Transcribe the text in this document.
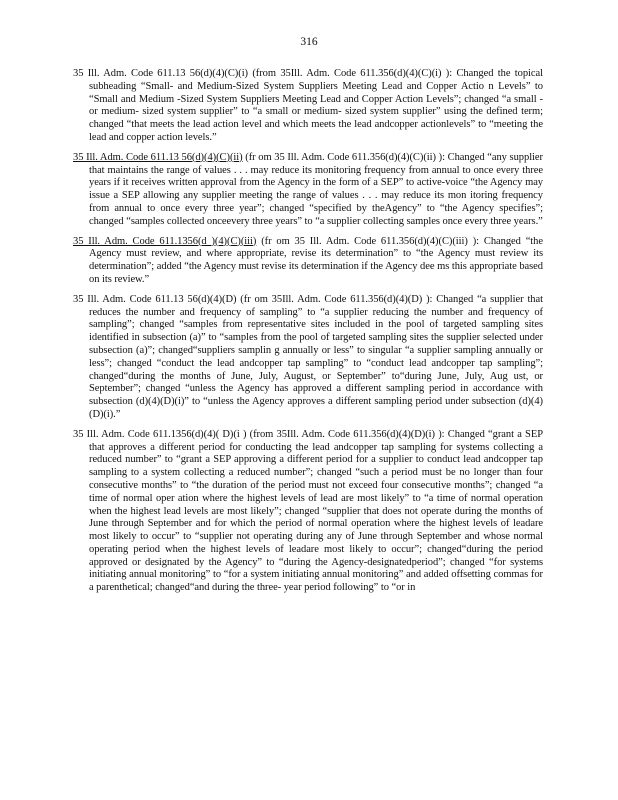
316

35 Ill. Adm. Code 611.13 56(d)(4)(C)(i) (from 35Ill. Adm. Code 611.356(d)(4)(C)(i) ): Changed the topical subheading “Small- and Medium-Sized System Suppliers Meeting Lead and Copper Actio n Levels” to “Small and Medium -Sized System Suppliers Meeting Lead and Copper Action Levels”; changed “a small - or medium- sized system supplier” to “a small or medium- sized system supplier” using the defined term; changed “that meets the lead action level and which meets the lead andcopper actionlevels” to “meeting the lead and copper action levels.”

35 Ill. Adm. Code 611.13 56(d)(4)(C)(ii) (fr om 35 Ill. Adm. Code 611.356(d)(4)(C)(ii) ): Changed “any supplier that maintains the range of values . . . may reduce its monitoring frequency from annual to once every three years if it receives written approval from the Agency in the form of a SEP” to active-voice “the Agency may issue a SEP allowing any supplier meeting the range of values . . . may reduce its mon itoring frequency from annual to once every three year”; changed “specified by theAgency” to “the Agency specifies”; changed “samples collected onceevery three years” to “a supplier collecting samples once every three years.”

35 Ill. Adm. Code 611.1356(d )(4)(C)(iii) (fr om 35 Ill. Adm. Code 611.356(d)(4)(C)(iii) ): Changed “the Agency must review, and where appropriate, revise its determination” to “the Agency must review its determination”; added “the Agency must revise its determination if the Agency dee ms this appropriate based on its review.”

35 Ill. Adm. Code 611.13 56(d)(4)(D) (fr om 35Ill. Adm. Code 611.356(d)(4)(D) ): Changed “a supplier that reduces the number and frequency of sampling” to “a supplier reducing the number and frequency of sampling”; changed “samples from representative sites included in the pool of targeted sampling sites identified in subsection (a)” to “samples from the pool of targeted sampling sites the supplier selected under subsection (a)”; changed“suppliers samplin g annually or less” to singular “a supplier sampling annually or less”; changed “conduct the lead andcopper tap sampling” to “conduct lead andcopper tap sampling”; changed“during the months of June, July, August, or September” to“during June, July, Aug ust, or September”; changed “unless the Agency has approved a different sampling period in accordance with subsection (d)(4)(D)(i)” to “unless the Agency approves a different sampling period under subsection (d)(4)(D)(i).”

35 Ill. Adm. Code 611.1356(d)(4)( D)(i ) (from 35Ill. Adm. Code 611.356(d)(4)(D)(i) ): Changed “grant a SEP that approves a different period for conducting the lead andcopper tap sampling for systems collecting a reduced number” to “grant a SEP approving a different period for a supplier to conduct lead andcopper tap sampling to a system collecting a reduced number”; changed “such a period must be no longer than four consecutive months” to “the duration of the period must not exceed four consecutive months”; changed “a time of normal oper ation where the highest levels of lead are most likely” to “a time of normal operation when the highest lead levels are most likely”; changed “supplier that does not operate during the months of June through September and for which the period of normal operation where the highest levels of leadare most likely to occur” to “supplier not operating during any of June through September and whose normal operating period when the highest levels of leadare most likely to occur”; changed“during the period approved or designated by the Agency” to “during the Agency-designatedperiod”; changed “for systems initiating annual monitoring” to “for a system initiating annual monitoring” and added offsetting commas for a parenthetical; changed“and during the three- year period following” to “or in
